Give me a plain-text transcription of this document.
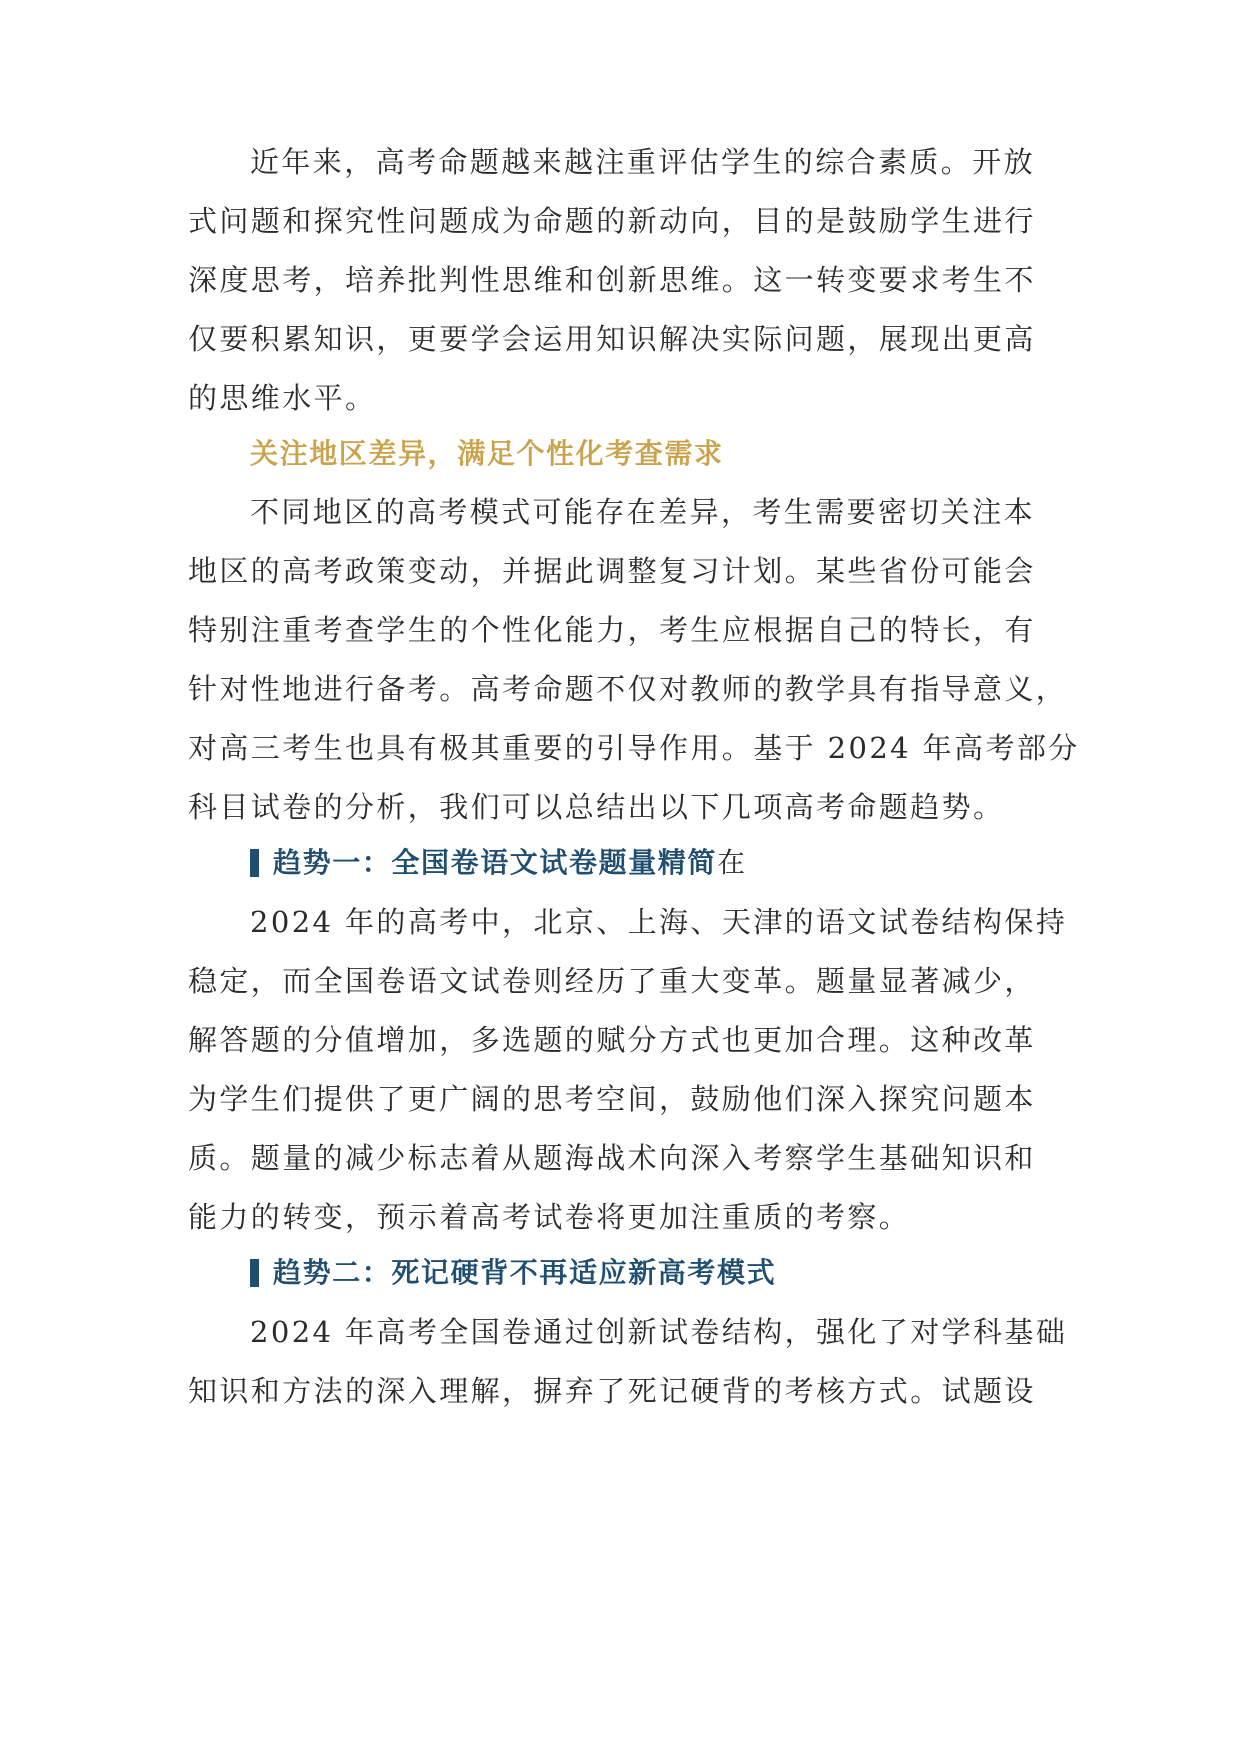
近年来，高考命题越来越注重评估学生的综合素质。开放
式问题和探究性问题成为命题的新动向，目的是鼓励学生进行
深度思考，培养批判性思维和创新思维。这一转变要求考生不
仅要积累知识，更要学会运用知识解决实际问题，展现出更高
的思维水平。
关注地区差异，满足个性化考查需求
不同地区的高考模式可能存在差异，考生需要密切关注本
地区的高考政策变动，并据此调整复习计划。某些省份可能会
特别注重考查学生的个性化能力，考生应根据自己的特长，有
针对性地进行备考。高考命题不仅对教师的教学具有指导意义，
对高三考生也具有极其重要的引导作用。基于 2024 年高考部分
科目试卷的分析，我们可以总结出以下几项高考命题趋势。
趋势一：全国卷语文试卷题量精简 在
2024 年的高考中，北京、上海、天津的语文试卷结构保持
稳定，而全国卷语文试卷则经历了重大变革。题量显著减少，
解答题的分值增加，多选题的赋分方式也更加合理。这种改革
为学生们提供了更广阔的思考空间，鼓励他们深入探究问题本
质。题量的减少标志着从题海战术向深入考察学生基础知识和
能力的转变，预示着高考试卷将更加注重质的考察。
趋势二：死记硬背不再适应新高考模式
2024 年高考全国卷通过创新试卷结构，强化了对学科基础
知识和方法的深入理解，摒弃了死记硬背的考核方式。试题设
